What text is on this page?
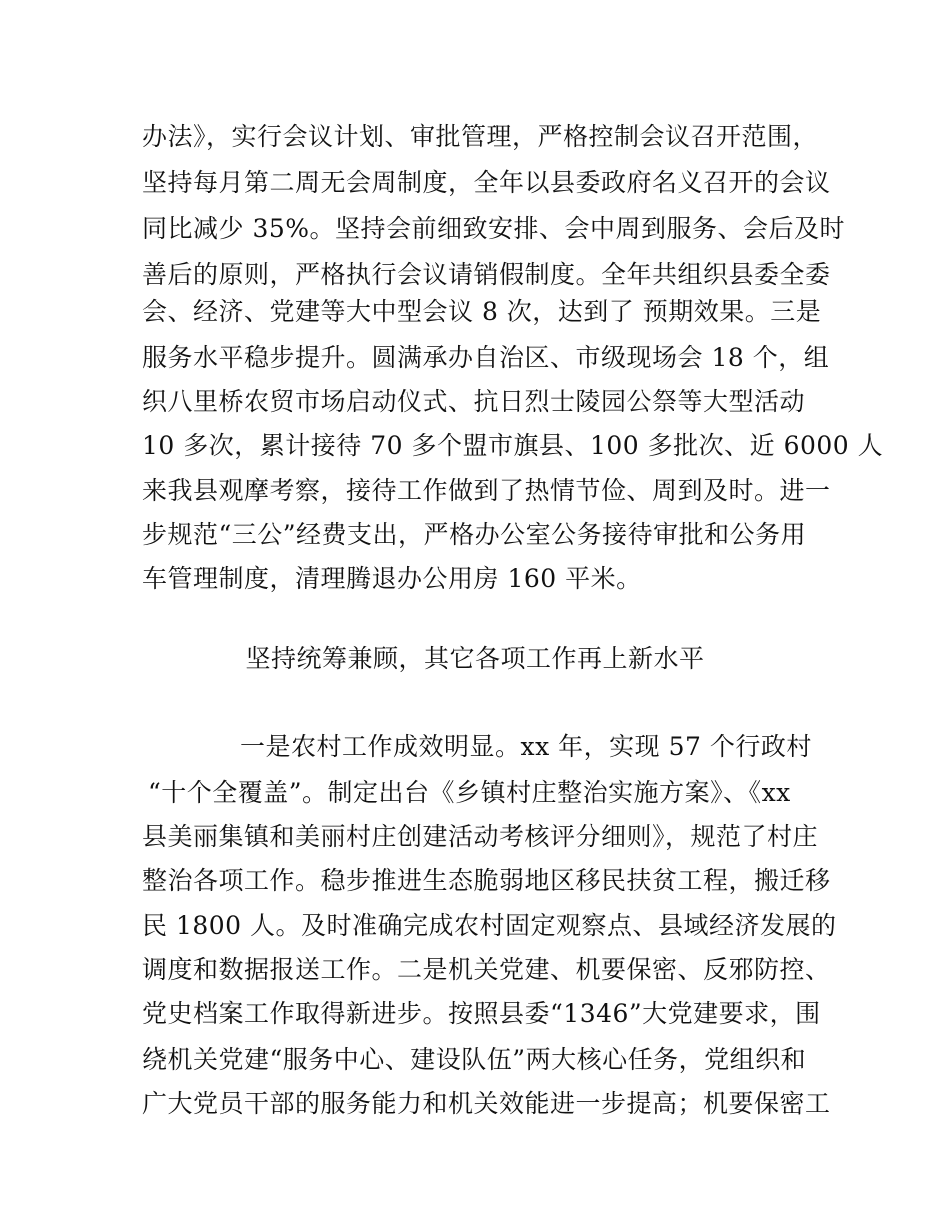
办法》，实行会议计划、审批管理，严格控制会议召开范围，
坚持每月第二周无会周制度，全年以县委政府名义召开的会议
同比减少 35%。坚持会前细致安排、会中周到服务、会后及时
善后的原则，严格执行会议请销假制度。全年共组织县委全委
会、经济、党建等大中型会议 8 次，达到了 预期效果。三是
服务水平稳步提升。圆满承办自治区、市级现场会 18 个，组
织八里桥农贸市场启动仪式、抗日烈士陵园公祭等大型活动
10 多次，累计接待 70 多个盟市旗县、100 多批次、近 6000 人
来我县观摩考察，接待工作做到了热情节俭、周到及时。进一
步规范“三公”经费支出，严格办公室公务接待审批和公务用
车管理制度，清理腾退办公用房 160 平米。
坚持统筹兼顾，其它各项工作再上新水平
一是农村工作成效明显。xx 年，实现 57 个行政村
“十个全覆盖”。制定出台《乡镇村庄整治实施方案》、《xx
县美丽集镇和美丽村庄创建活动考核评分细则》，规范了村庄
整治各项工作。稳步推进生态脆弱地区移民扶贫工程，搬迁移
民 1800 人。及时准确完成农村固定观察点、县域经济发展的
调度和数据报送工作。二是机关党建、机要保密、反邪防控、
党史档案工作取得新进步。按照县委“1346”大党建要求，围
绕机关党建“服务中心、建设队伍”两大核心任务，党组织和
广大党员干部的服务能力和机关效能进一步提高；机要保密工
